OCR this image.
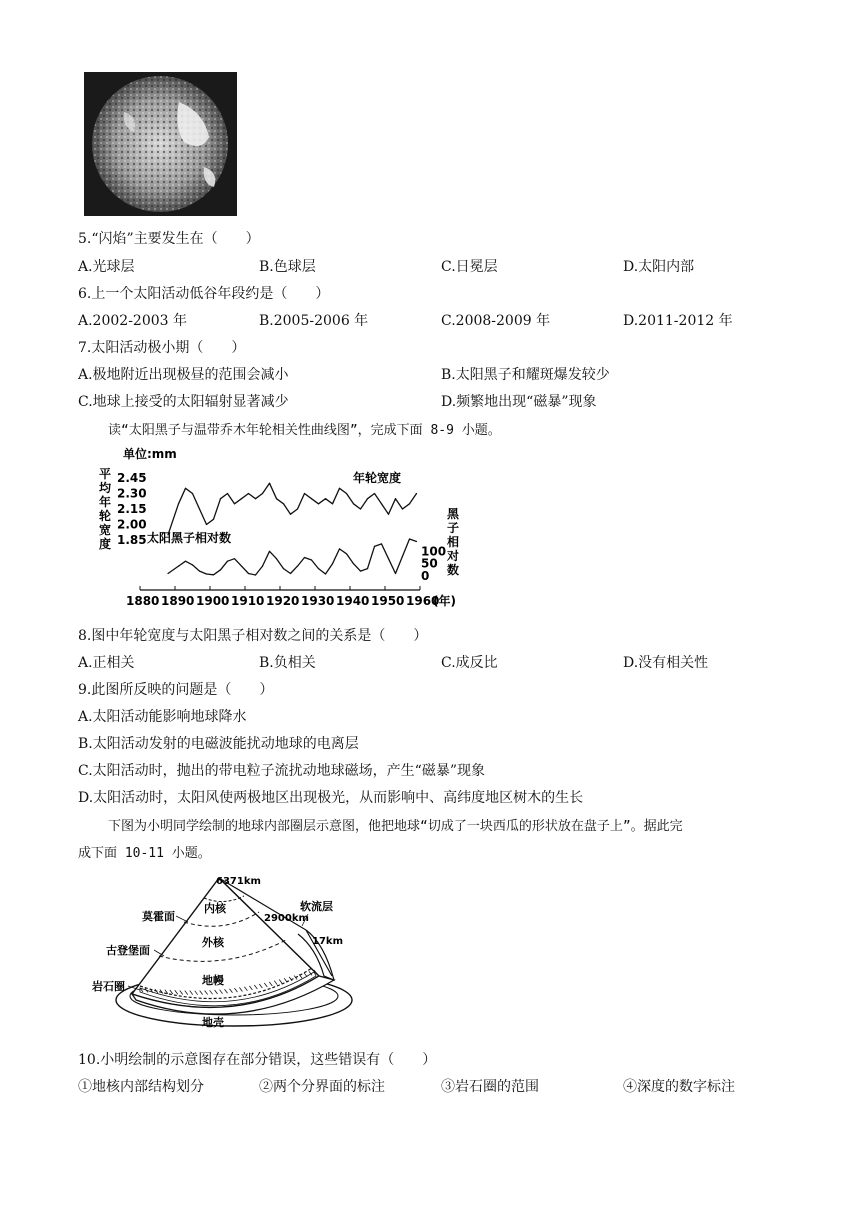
5.“闪焰”主要发生在（　　）
A.光球层	B.色球层	C.日冕层	D.太阳内部
6.上一个太阳活动低谷年段约是（　　）
A.2002-2003 年	B.2005-2006 年	C.2008-2009 年	D.2011-2012 年
7.太阳活动极小期（　　）
A.极地附近出现极昼的范围会减小	B.太阳黑子和耀斑爆发较少
C.地球上接受的太阳辐射显著减少	D.频繁地出现“磁暴”现象
读“太阳黑子与温带乔木年轮相关性曲线图”，完成下面 8-9 小题。
单位:mm
平
均
年
轮
宽
度
黑
子
相
对
数
2.45
2.30
2.15
2.00
1.85
100
50
0
1880 1890 1900 1910 1920 1930 1940 1950 1960
(年)
年轮宽度
太阳黑子相对数
8.图中年轮宽度与太阳黑子相对数之间的关系是（　　）
A.正相关	B.负相关	C.成反比	D.没有相关性
9.此图所反映的问题是（　　）
A.太阳活动能影响地球降水
B.太阳活动发射的电磁波能扰动地球的电离层
C.太阳活动时，抛出的带电粒子流扰动地球磁场，产生“磁暴”现象
D.太阳活动时，太阳风使两极地区出现极光，从而影响中、高纬度地区树木的生长
下图为小明同学绘制的地球内部圈层示意图，他把地球“切成了一块西瓜的形状放在盘子上”。据此完
成下面 10-11 小题。
6371km
内核
外核
地幔
地壳
软流层
2900km
17km
莫霍面
古登堡面
岩石圈
10.小明绘制的示意图存在部分错误，这些错误有（　　）
①地核内部结构划分	②两个分界面的标注	③岩石圈的范围	④深度的数字标注
